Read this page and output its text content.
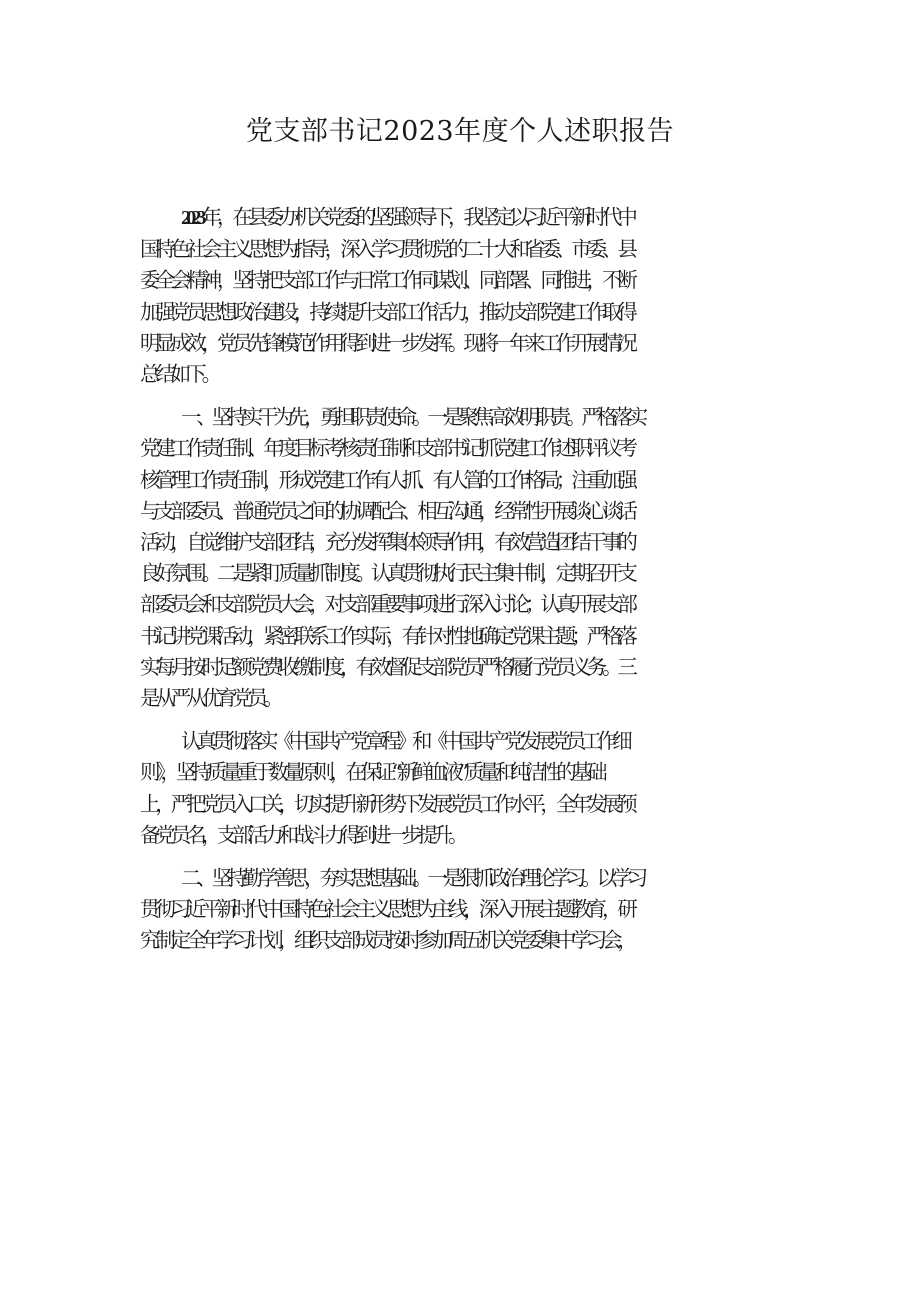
党支部书记2023年度个人述职报告
2023年，在县委办机关党委的坚强领导下，我坚定以习近平新时代中
国特色社会主义思想为指导，深入学习贯彻党的二十大和省委、市委、县
委全会精神，坚持把支部工作与日常工作同谋划、同部署、同推进，不断
加强党员思想政治建设，持续提升支部工作活力，推动支部党建工作取得
明显成效，党员先锋模范作用得到进一步发挥。现将一年来工作开展情况
总结如下。
一、坚持实干为先，勇担职责使命。一是聚焦高效明职责。严格落实
党建工作责任制、年度目标考核责任制和支部书记抓党建工作述职评议考
核管理工作责任制，形成党建工作有人抓、有人管的工作格局；注重加强
与支部委员、普通党员之间的协调配合、相互沟通，经常性开展谈心谈话
活动，自觉维护支部团结，充分发挥集体领导作用，有效营造团结干事的
良好氛围。二是紧盯质量抓制度。认真贯彻执行民主集中制，定期召开支
部委员会和支部党员大会，对支部重要事项进行深入讨论；认真开展支部
书记讲党课活动，紧密联系工作实际，有针对性地确定党课主题；严格落
实每月按时足额党费收缴制度，有效督促支部党员严格履行党员义务。三
是从严从优育党员。
认真贯彻落实《中国共产党章程》和《中国共产党发展党员工作细
则》，坚持质量重于数量原则，在保证“新鲜血液”质量和纯洁性的基础
上，严把党员入口关，切实提升新形势下发展党员工作水平，全年发展预
备党员名，支部活力和战斗力得到进一步提升。
二、坚持勤学善思，夯实思想基础。一是狠抓政治理论学习。以学习
贯彻习近平新时代中国特色社会主义思想为主线，深入开展主题教育，研
究制定全年学习计划，组织支部成员按时参加周五机关党委集中学习会，
